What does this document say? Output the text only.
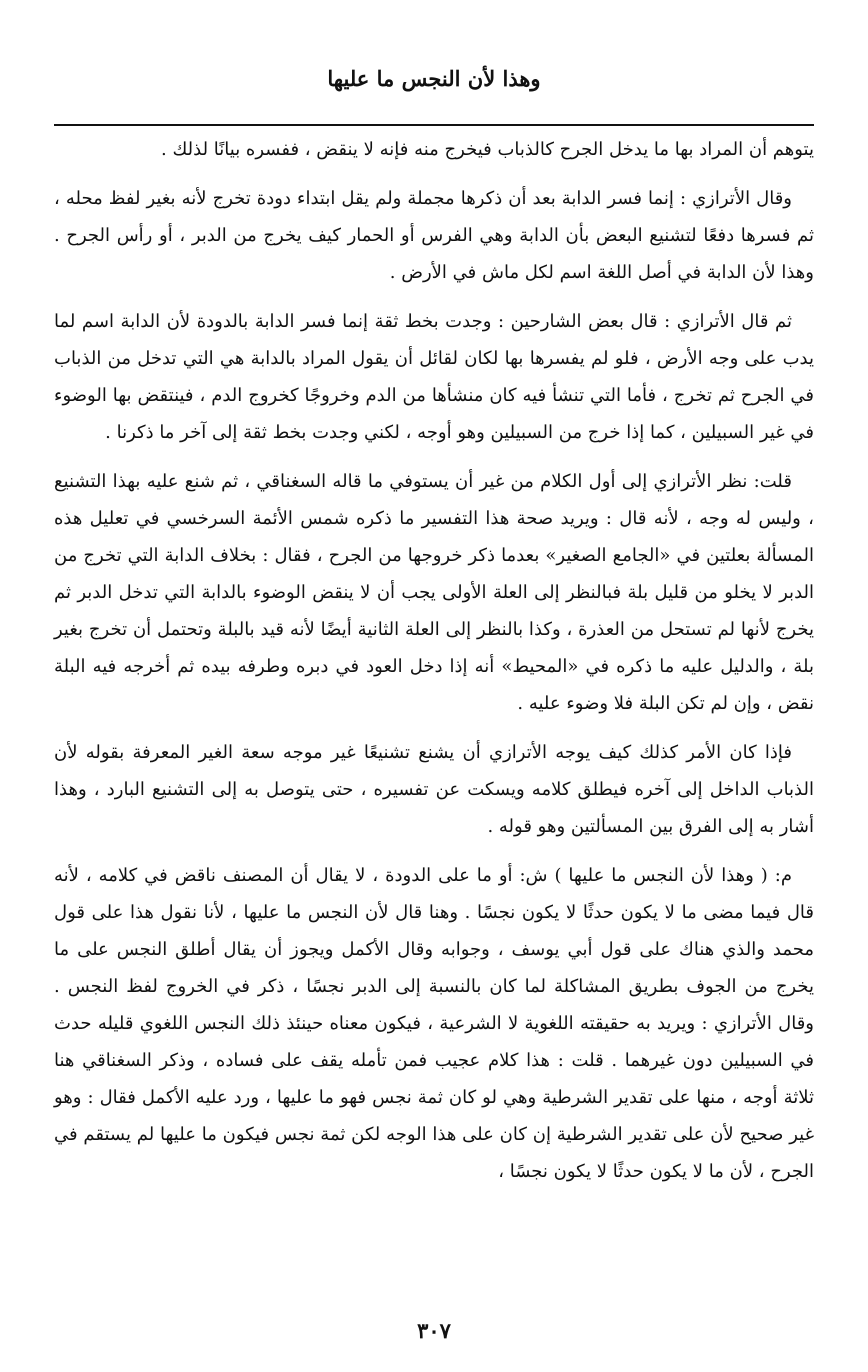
وهذا لأن النجس ما عليها

يتوهم أن المراد بها ما يدخل الجرح كالذباب فيخرج منه فإنه لا ينقض ، ففسره بيانًا لذلك .

وقال الأترازي : إنما فسر الدابة بعد أن ذكرها مجملة ولم يقل ابتداء دودة تخرج لأنه بغير لفظ محله ، ثم فسرها دفعًا لتشنيع البعض بأن الدابة وهي الفرس أو الحمار كيف يخرج من الدبر ، أو رأس الجرح . وهذا لأن الدابة في أصل اللغة اسم لكل ماش في الأرض .

ثم قال الأترازي : قال بعض الشارحين : وجدت بخط ثقة إنما فسر الدابة بالدودة لأن الدابة اسم لما يدب على وجه الأرض ، فلو لم يفسرها بها لكان لقائل أن يقول المراد بالدابة هي التي تدخل من الذباب في الجرح ثم تخرج ، فأما التي تنشأ فيه كان منشأها من الدم وخروجًا كخروج الدم ، فينتقض بها الوضوء في غير السبيلين ، كما إذا خرج من السبيلين وهو أوجه ، لكني وجدت بخط ثقة إلى آخر ما ذكرنا .

قلت: نظر الأترازي إلى أول الكلام من غير أن يستوفي ما قاله السغناقي ، ثم شنع عليه بهذا التشنيع ، وليس له وجه ، لأنه قال : ويريد صحة هذا التفسير ما ذكره شمس الأئمة السرخسي في تعليل هذه المسألة بعلتين في «الجامع الصغير» بعدما ذكر خروجها من الجرح ، فقال : بخلاف الدابة التي تخرج من الدبر لا يخلو من قليل بلة فبالنظر إلى العلة الأولى يجب أن لا ينقض الوضوء بالدابة التي تدخل الدبر ثم يخرج لأنها لم تستحل من العذرة ، وكذا بالنظر إلى العلة الثانية أيضًا لأنه قيد بالبلة وتحتمل أن تخرج بغير بلة ، والدليل عليه ما ذكره في «المحيط» أنه إذا دخل العود في دبره وطرفه بيده ثم أخرجه فيه البلة نقض ، وإن لم تكن البلة فلا وضوء عليه .

فإذا كان الأمر كذلك كيف يوجه الأترازي أن يشنع تشنيعًا غير موجه سعة الغير المعرفة بقوله لأن الذباب الداخل إلى آخره فيطلق كلامه ويسكت عن تفسيره ، حتى يتوصل به إلى التشنيع البارد ، وهذا أشار به إلى الفرق بين المسألتين وهو قوله .

م: ( وهذا لأن النجس ما عليها ) ش: أو ما على الدودة ، لا يقال أن المصنف ناقض في كلامه ، لأنه قال فيما مضى ما لا يكون حدثًا لا يكون نجسًا . وهنا قال لأن النجس ما عليها ، لأنا نقول هذا على قول محمد والذي هناك على قول أبي يوسف ، وجوابه وقال الأكمل ويجوز أن يقال أطلق النجس على ما يخرج من الجوف بطريق المشاكلة لما كان بالنسبة إلى الدبر نجسًا ، ذكر في الخروج لفظ النجس . وقال الأترازي : ويريد به حقيقته اللغوية لا الشرعية ، فيكون معناه حينئذ ذلك النجس اللغوي قليله حدث في السبيلين دون غيرهما . قلت : هذا كلام عجيب فمن تأمله يقف على فساده ، وذكر السغناقي هنا ثلاثة أوجه ، منها على تقدير الشرطية وهي لو كان ثمة نجس فهو ما عليها ، ورد عليه الأكمل فقال : وهو غير صحيح لأن على تقدير الشرطية إن كان على هذا الوجه لكن ثمة نجس فيكون ما عليها لم يستقم في الجرح ، لأن ما لا يكون حدثًا لا يكون نجسًا ،

٣٠٧
